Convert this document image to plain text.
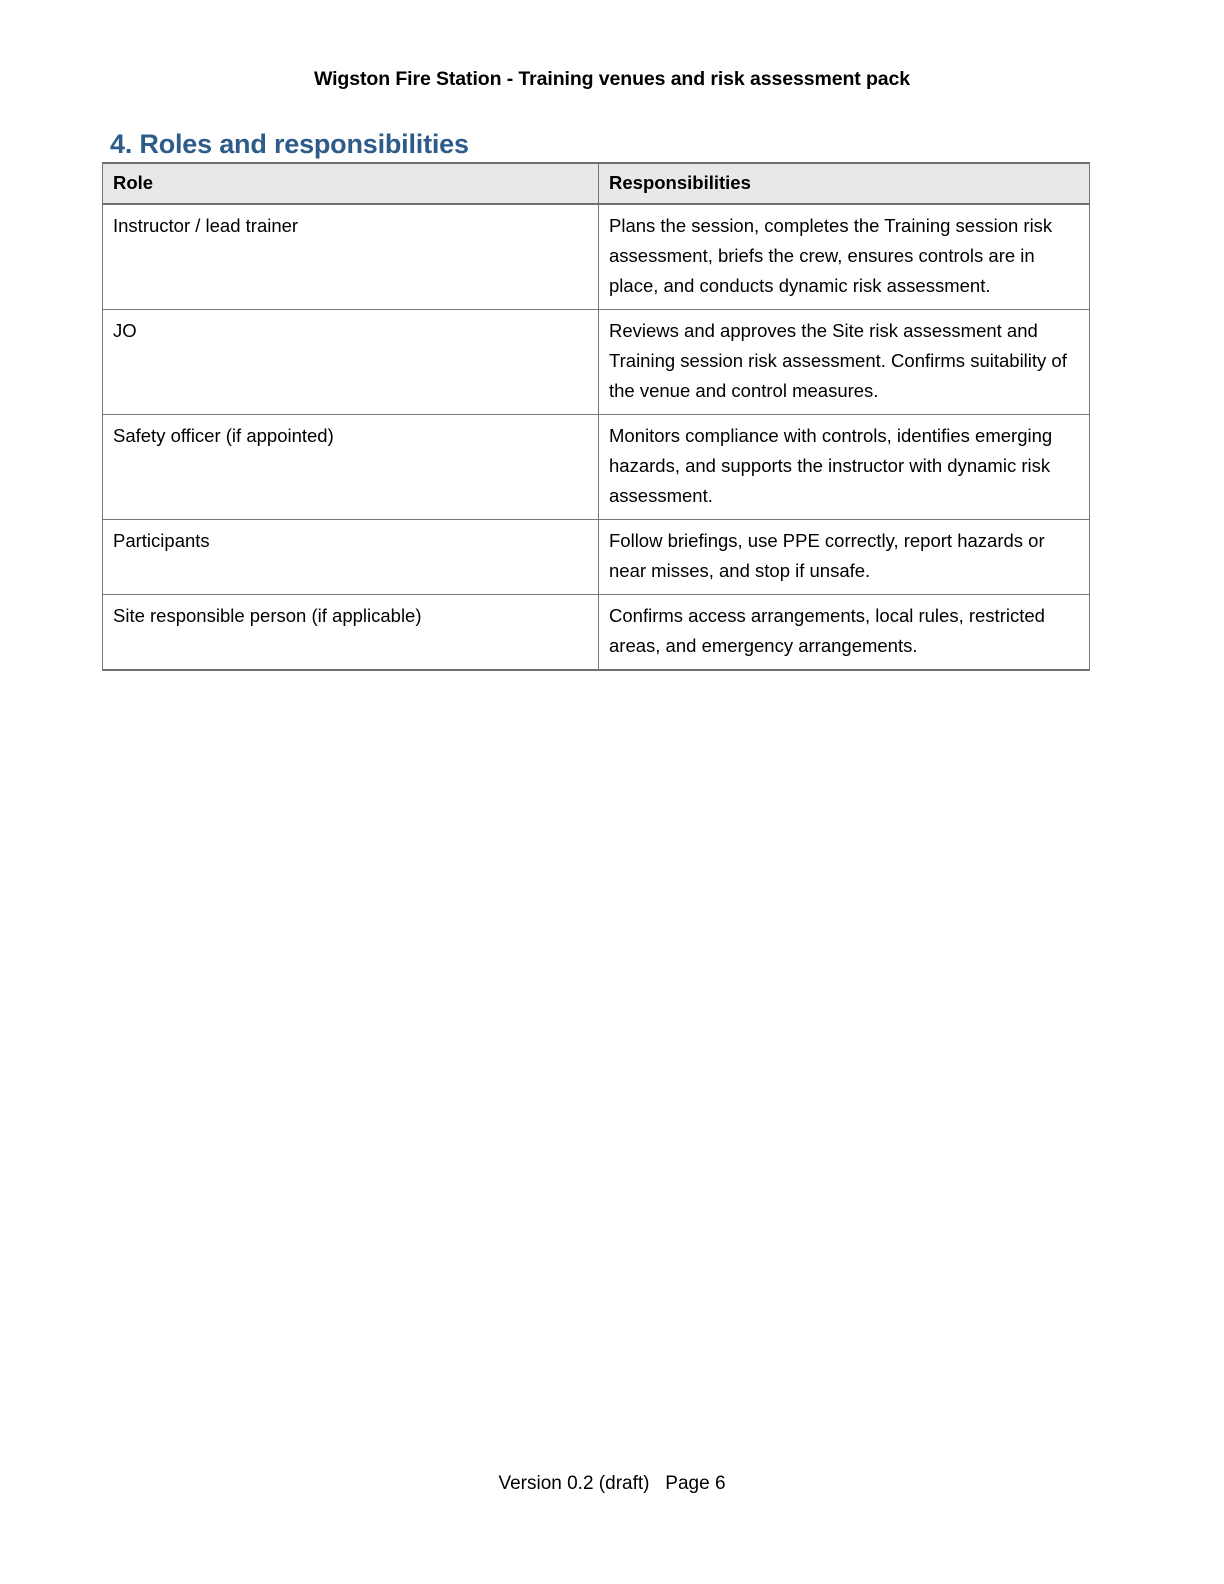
Wigston Fire Station - Training venues and risk assessment pack
4. Roles and responsibilities
Role	Responsibilities

Instructor / lead trainer	Plans the session, completes the Training session risk assessment, briefs the crew, ensures controls are in place, and conducts dynamic risk assessment.

JO	Reviews and approves the Site risk assessment and Training session risk assessment. Confirms suitability of the venue and control measures.

Safety officer (if appointed)	Monitors compliance with controls, identifies emerging hazards, and supports the instructor with dynamic risk assessment.

Participants	Follow briefings, use PPE correctly, report hazards or near misses, and stop if unsafe.

Site responsible person (if applicable)	Confirms access arrangements, local rules, restricted areas, and emergency arrangements.
Version 0.2 (draft)   Page 6
